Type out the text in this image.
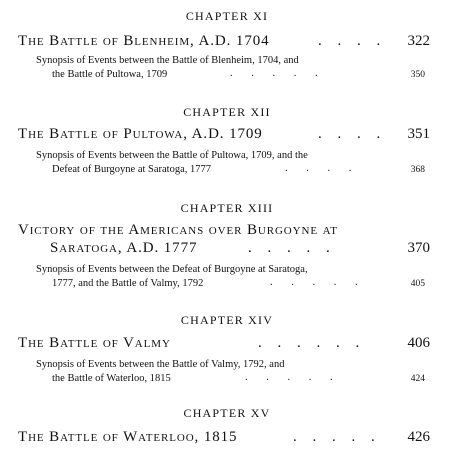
CHAPTER XI
The Battle of Blenheim, A.D. 1704	. . . . 322
Synopsis of Events between the Battle of Blenheim, 1704, and
the Battle of Pultowa, 1709	. . . . .	350
CHAPTER XII
The Battle of Pultowa, A.D. 1709	. . . . 351
Synopsis of Events between the Battle of Pultowa, 1709, and the
Defeat of Burgoyne at Saratoga, 1777	. . . .	368
CHAPTER XIII
Victory of the Americans over Burgoyne at
Saratoga, A.D. 1777	. . . . .	370
Synopsis of Events between the Defeat of Burgoyne at Saratoga,
1777, and the Battle of Valmy, 1792	. . . . .	405
CHAPTER XIV
The Battle of Valmy	. . . . . .	406
Synopsis of Events between the Battle of Valmy, 1792, and
the Battle of Waterloo, 1815	. . . . .	424
CHAPTER XV
The Battle of Waterloo, 1815	. . . . . 426
